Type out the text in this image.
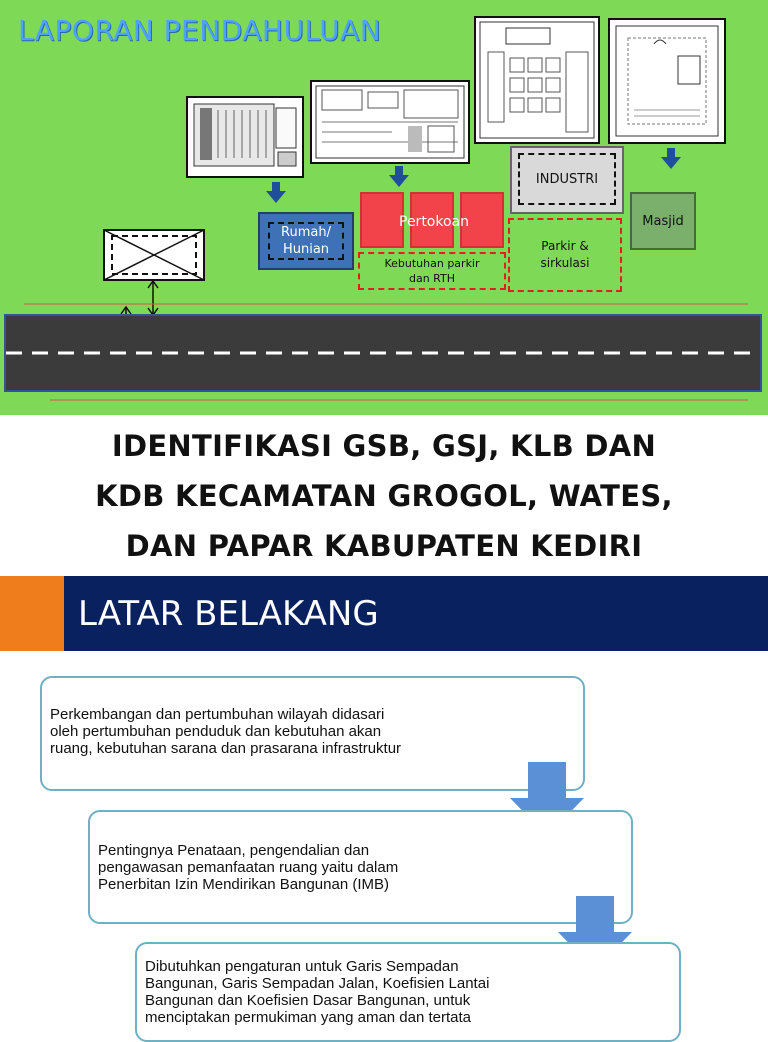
LAPORAN PENDAHULUAN
Rumah/
Hunian
Pertokoan
Kebutuhan parkir
dan RTH
INDUSTRI
Parkir &
sirkulasi
Masjid
IDENTIFIKASI GSB, GSJ, KLB DAN
KDB KECAMATAN GROGOL, WATES,
DAN PAPAR KABUPATEN KEDIRI
LATAR BELAKANG
Perkembangan dan pertumbuhan wilayah didasari
oleh pertumbuhan penduduk dan kebutuhan akan
ruang, kebutuhan sarana dan prasarana infrastruktur
Pentingnya Penataan, pengendalian dan
pengawasan pemanfaatan ruang yaitu dalam
Penerbitan Izin Mendirikan Bangunan (IMB)
Dibutuhkan pengaturan untuk Garis Sempadan
Bangunan, Garis Sempadan Jalan, Koefisien Lantai
Bangunan dan Koefisien Dasar Bangunan, untuk
menciptakan permukiman yang aman dan tertata
